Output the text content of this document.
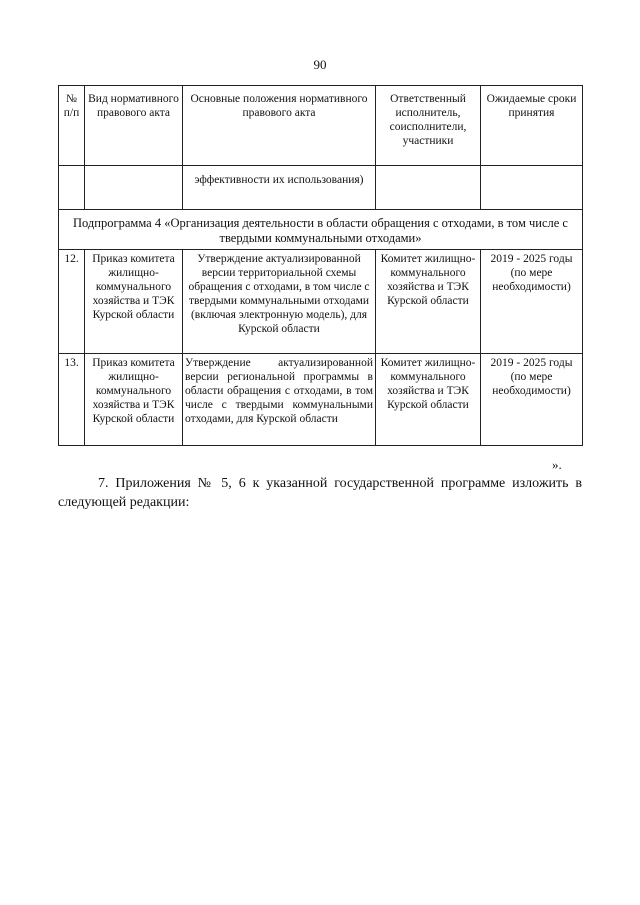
90
№ п/п	Вид нормативного правового акта	Основные положения нормативного правового акта	Ответственный исполнитель, соисполнители, участники	Ожидаемые сроки принятия
		эффективности их использования)		
Подпрограмма 4 «Организация деятельности в области обращения с отходами, в том числе с твердыми коммунальными отходами»				
12.	Приказ комитета жилищно-коммунального хозяйства и ТЭК Курской области	Утверждение актуализированной версии территориальной схемы обращения с отходами, в том числе с твердыми коммунальными отходами (включая электронную модель), для Курской области	Комитет жилищно-коммунального хозяйства и ТЭК Курской области	2019 - 2025 годы (по мере необходимости)
13.	Приказ комитета жилищно-коммунального хозяйства и ТЭК Курской области	Утверждение актуализированной версии региональной программы в области обращения с отходами, в том числе с твердыми коммунальными отходами, для Курской области	Комитет жилищно-коммунального хозяйства и ТЭК Курской области	2019 - 2025 годы (по мере необходимости)
».
7. Приложения № 5, 6 к указанной государственной программе изложить в следующей редакции:
